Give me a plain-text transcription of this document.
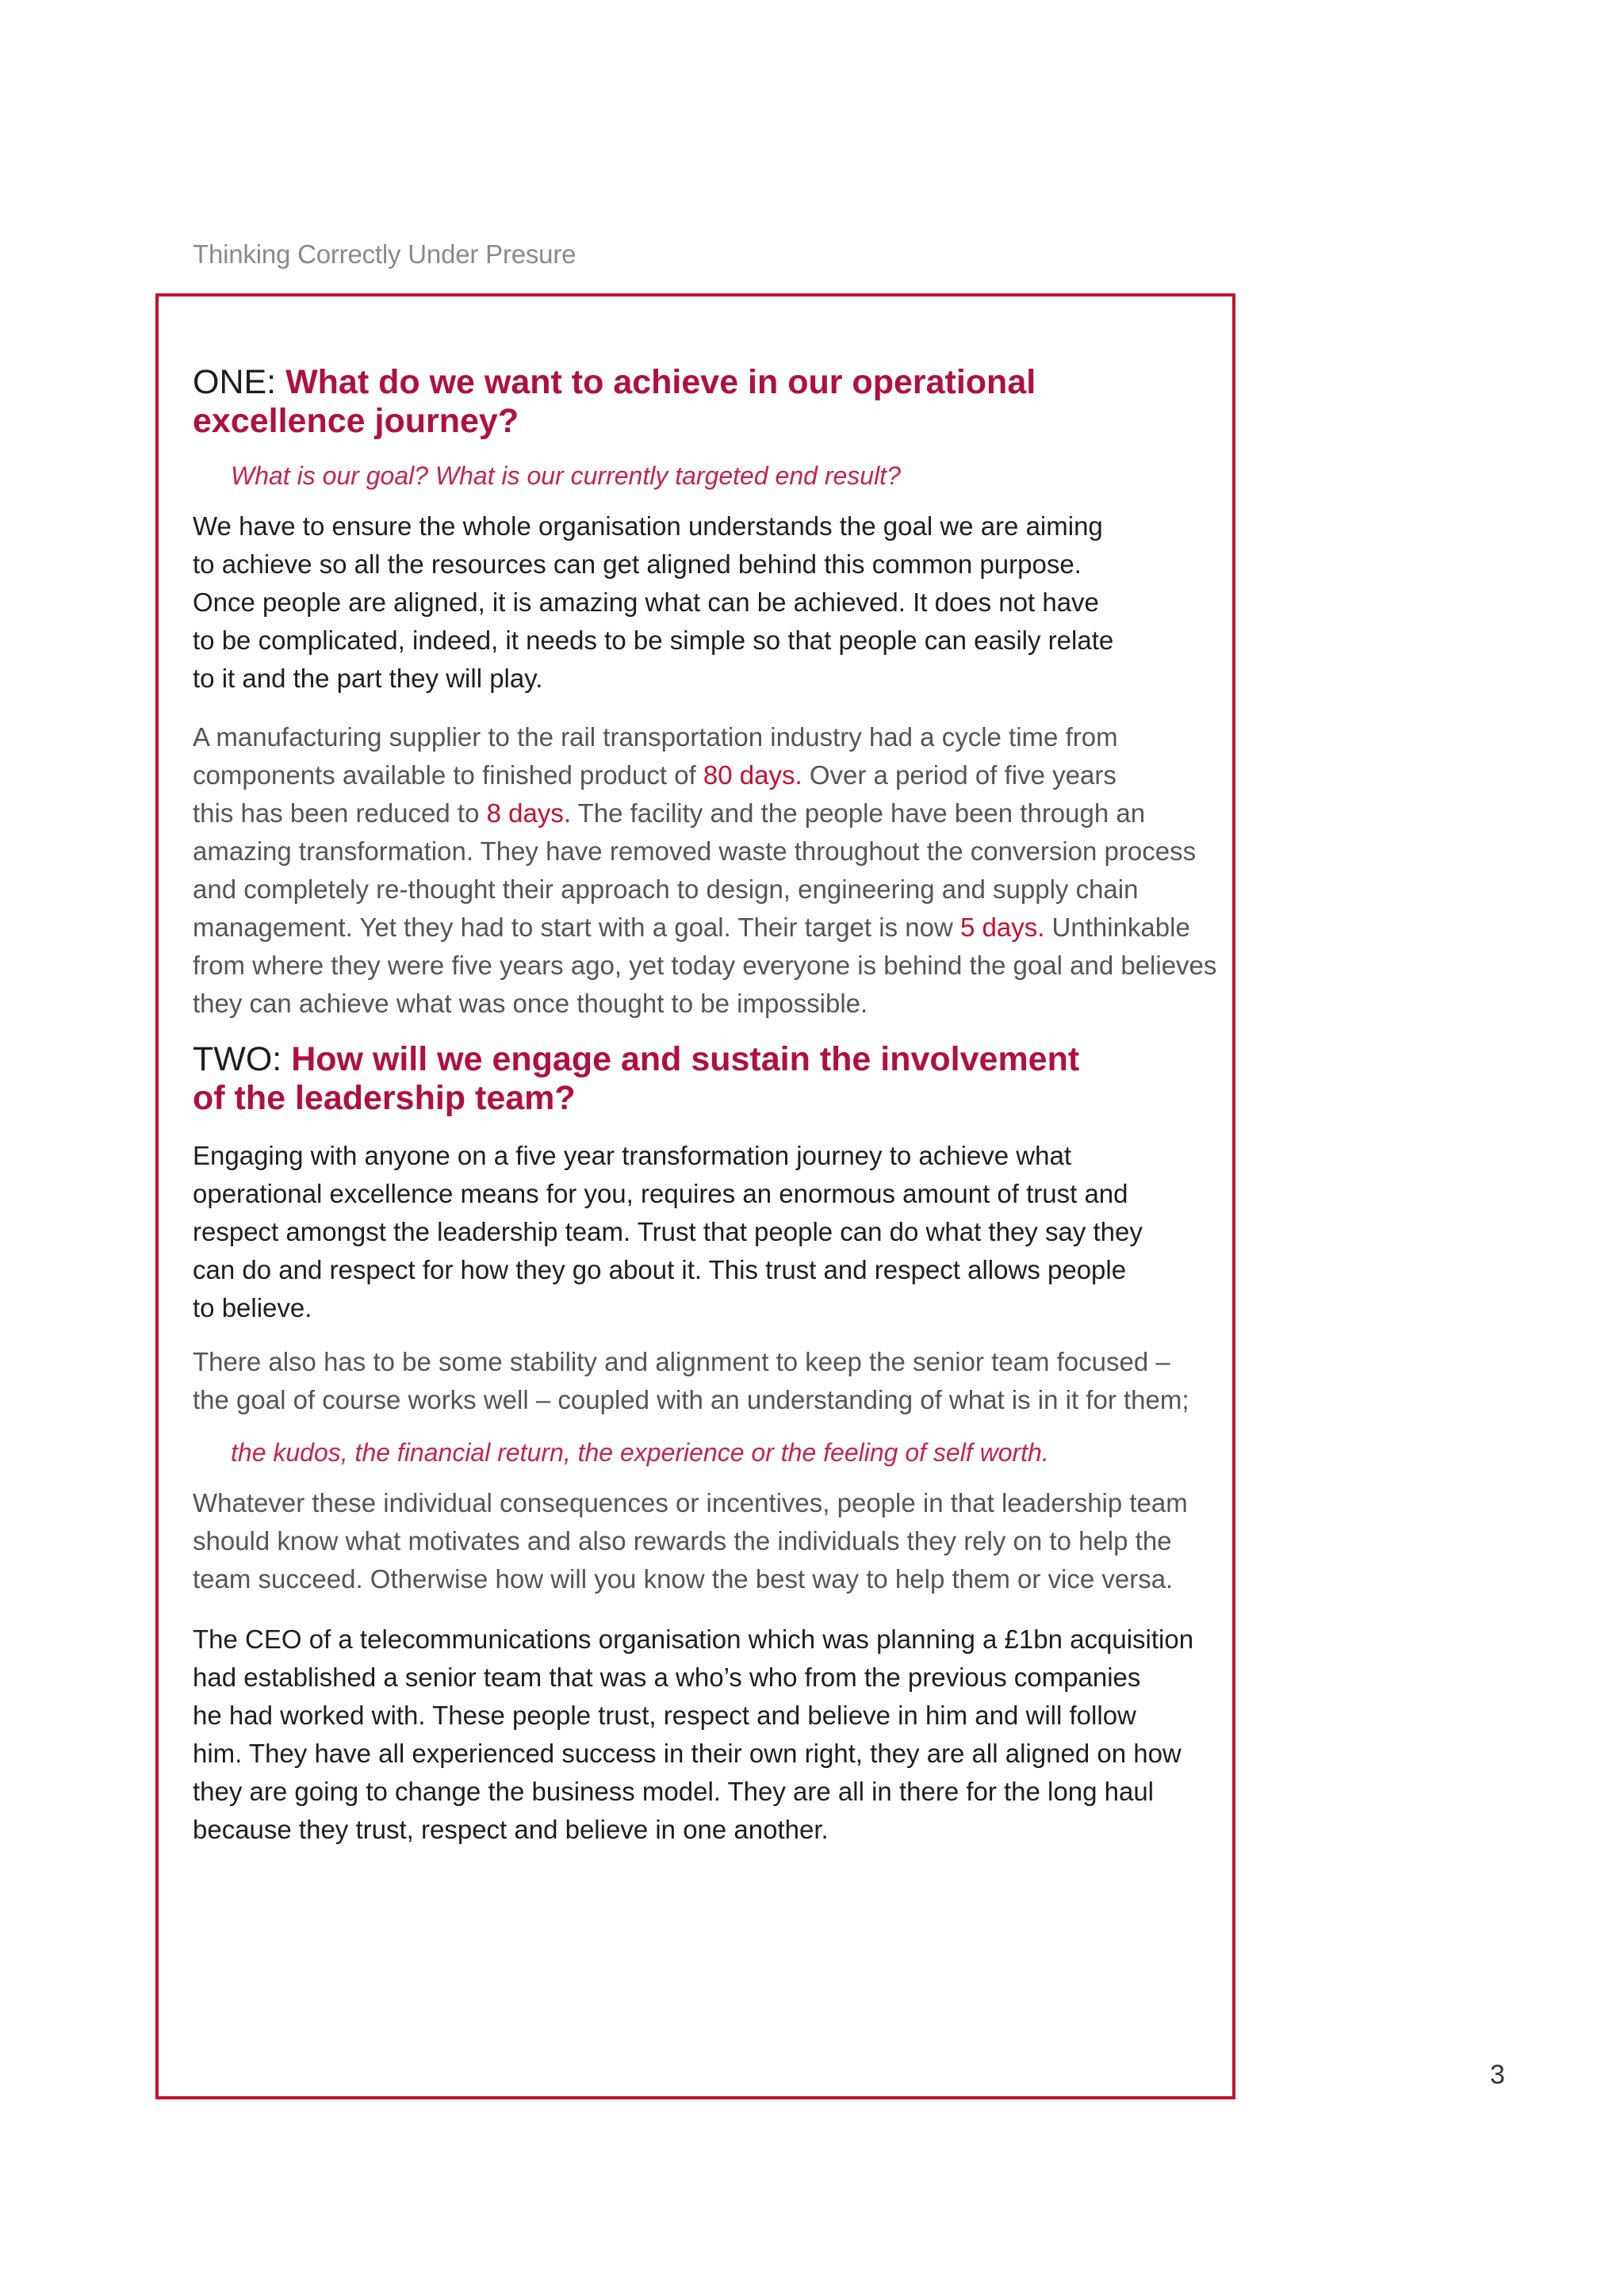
Thinking Correctly Under Presure
ONE: What do we want to achieve in our operational
excellence journey?

What is our goal? What is our currently targeted end result?

We have to ensure the whole organisation understands the goal we are aiming
to achieve so all the resources can get aligned behind this common purpose.
Once people are aligned, it is amazing what can be achieved. It does not have
to be complicated, indeed, it needs to be simple so that people can easily relate
to it and the part they will play.

A manufacturing supplier to the rail transportation industry had a cycle time from
components available to finished product of 80 days. Over a period of five years
this has been reduced to 8 days. The facility and the people have been through an
amazing transformation. They have removed waste throughout the conversion process
and completely re-thought their approach to design, engineering and supply chain
management. Yet they had to start with a goal. Their target is now 5 days. Unthinkable
from where they were five years ago, yet today everyone is behind the goal and believes
they can achieve what was once thought to be impossible.

TWO: How will we engage and sustain the involvement
of the leadership team?

Engaging with anyone on a five year transformation journey to achieve what
operational excellence means for you, requires an enormous amount of trust and
respect amongst the leadership team. Trust that people can do what they say they
can do and respect for how they go about it. This trust and respect allows people
to believe.

There also has to be some stability and alignment to keep the senior team focused –
the goal of course works well – coupled with an understanding of what is in it for them;

the kudos, the financial return, the experience or the feeling of self worth.

Whatever these individual consequences or incentives, people in that leadership team
should know what motivates and also rewards the individuals they rely on to help the
team succeed. Otherwise how will you know the best way to help them or vice versa.

The CEO of a telecommunications organisation which was planning a £1bn acquisition
had established a senior team that was a who’s who from the previous companies
he had worked with. These people trust, respect and believe in him and will follow
him. They have all experienced success in their own right, they are all aligned on how
they are going to change the business model. They are all in there for the long haul
because they trust, respect and believe in one another.

3
